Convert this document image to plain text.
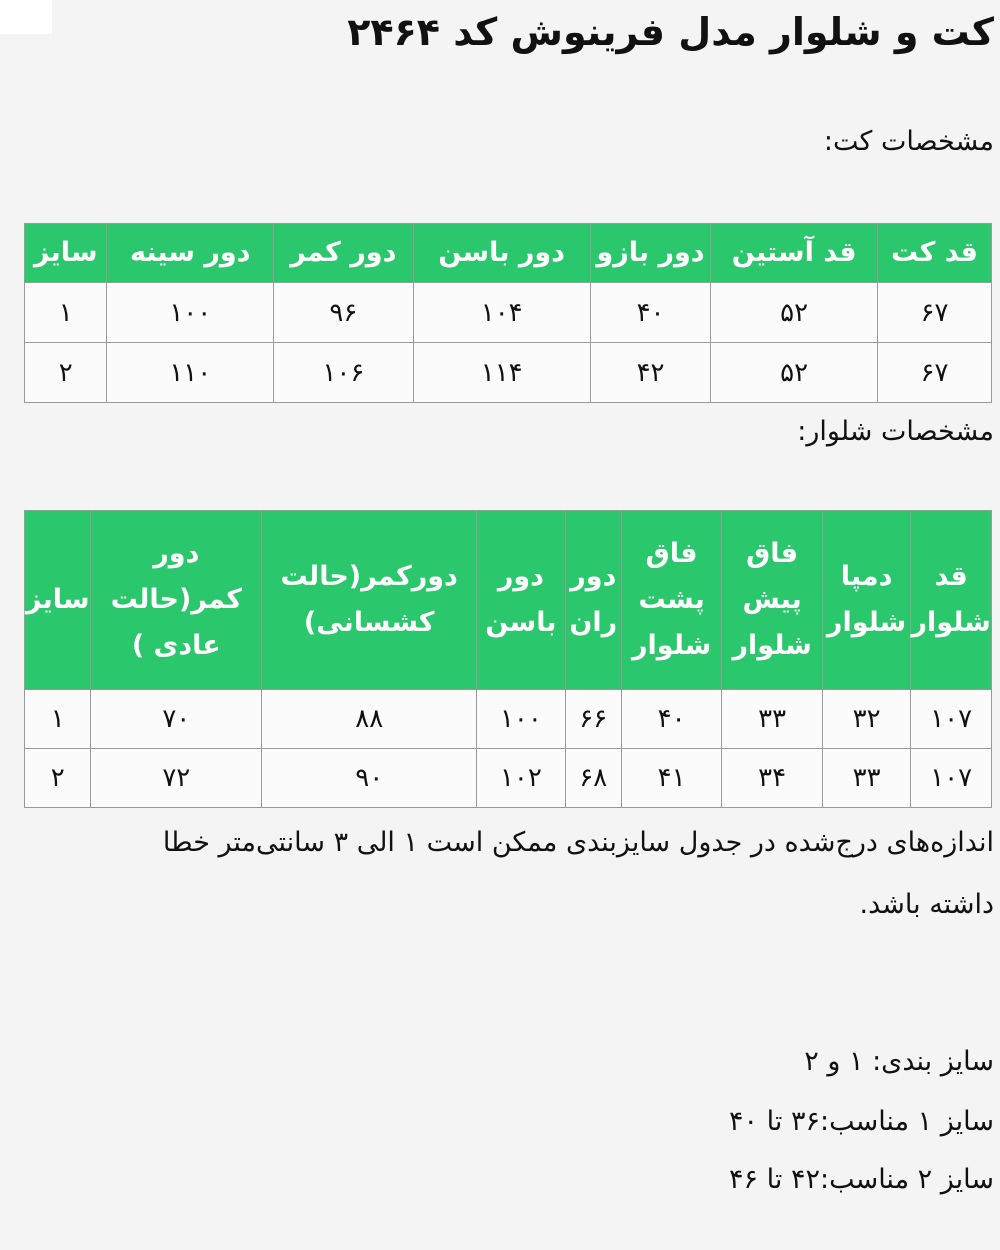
کت و شلوار مدل فرینوش کد ۲۴۶۴

مشخصات کت:

قد کت	قد آستین	دور بازو	دور باسن	دور کمر	دور سینه	سایز
۶۷	۵۲	۴۰	۱۰۴	۹۶	۱۰۰	۱
۶۷	۵۲	۴۲	۱۱۴	۱۰۶	۱۱۰	۲

مشخصات شلوار:

قد شلوار	دمپا شلوار	فاق پیش شلوار	فاق پشت شلوار	دور ران	دور باسن	دورکمر(حالت کشسانی)	دور کمر(حالت عادی )	سایز
۱۰۷	۳۲	۳۳	۴۰	۶۶	۱۰۰	۸۸	۷۰	۱
۱۰۷	۳۳	۳۴	۴۱	۶۸	۱۰۲	۹۰	۷۲	۲

اندازه‌های درج‌شده در جدول سایزبندی ممکن است ۱ الی ۳ سانتی‌متر خطا داشته باشد.

سایز بندی: ۱ و ۲

سایز ۱ مناسب:۳۶ تا ۴۰

سایز ۲ مناسب:۴۲ تا ۴۶
